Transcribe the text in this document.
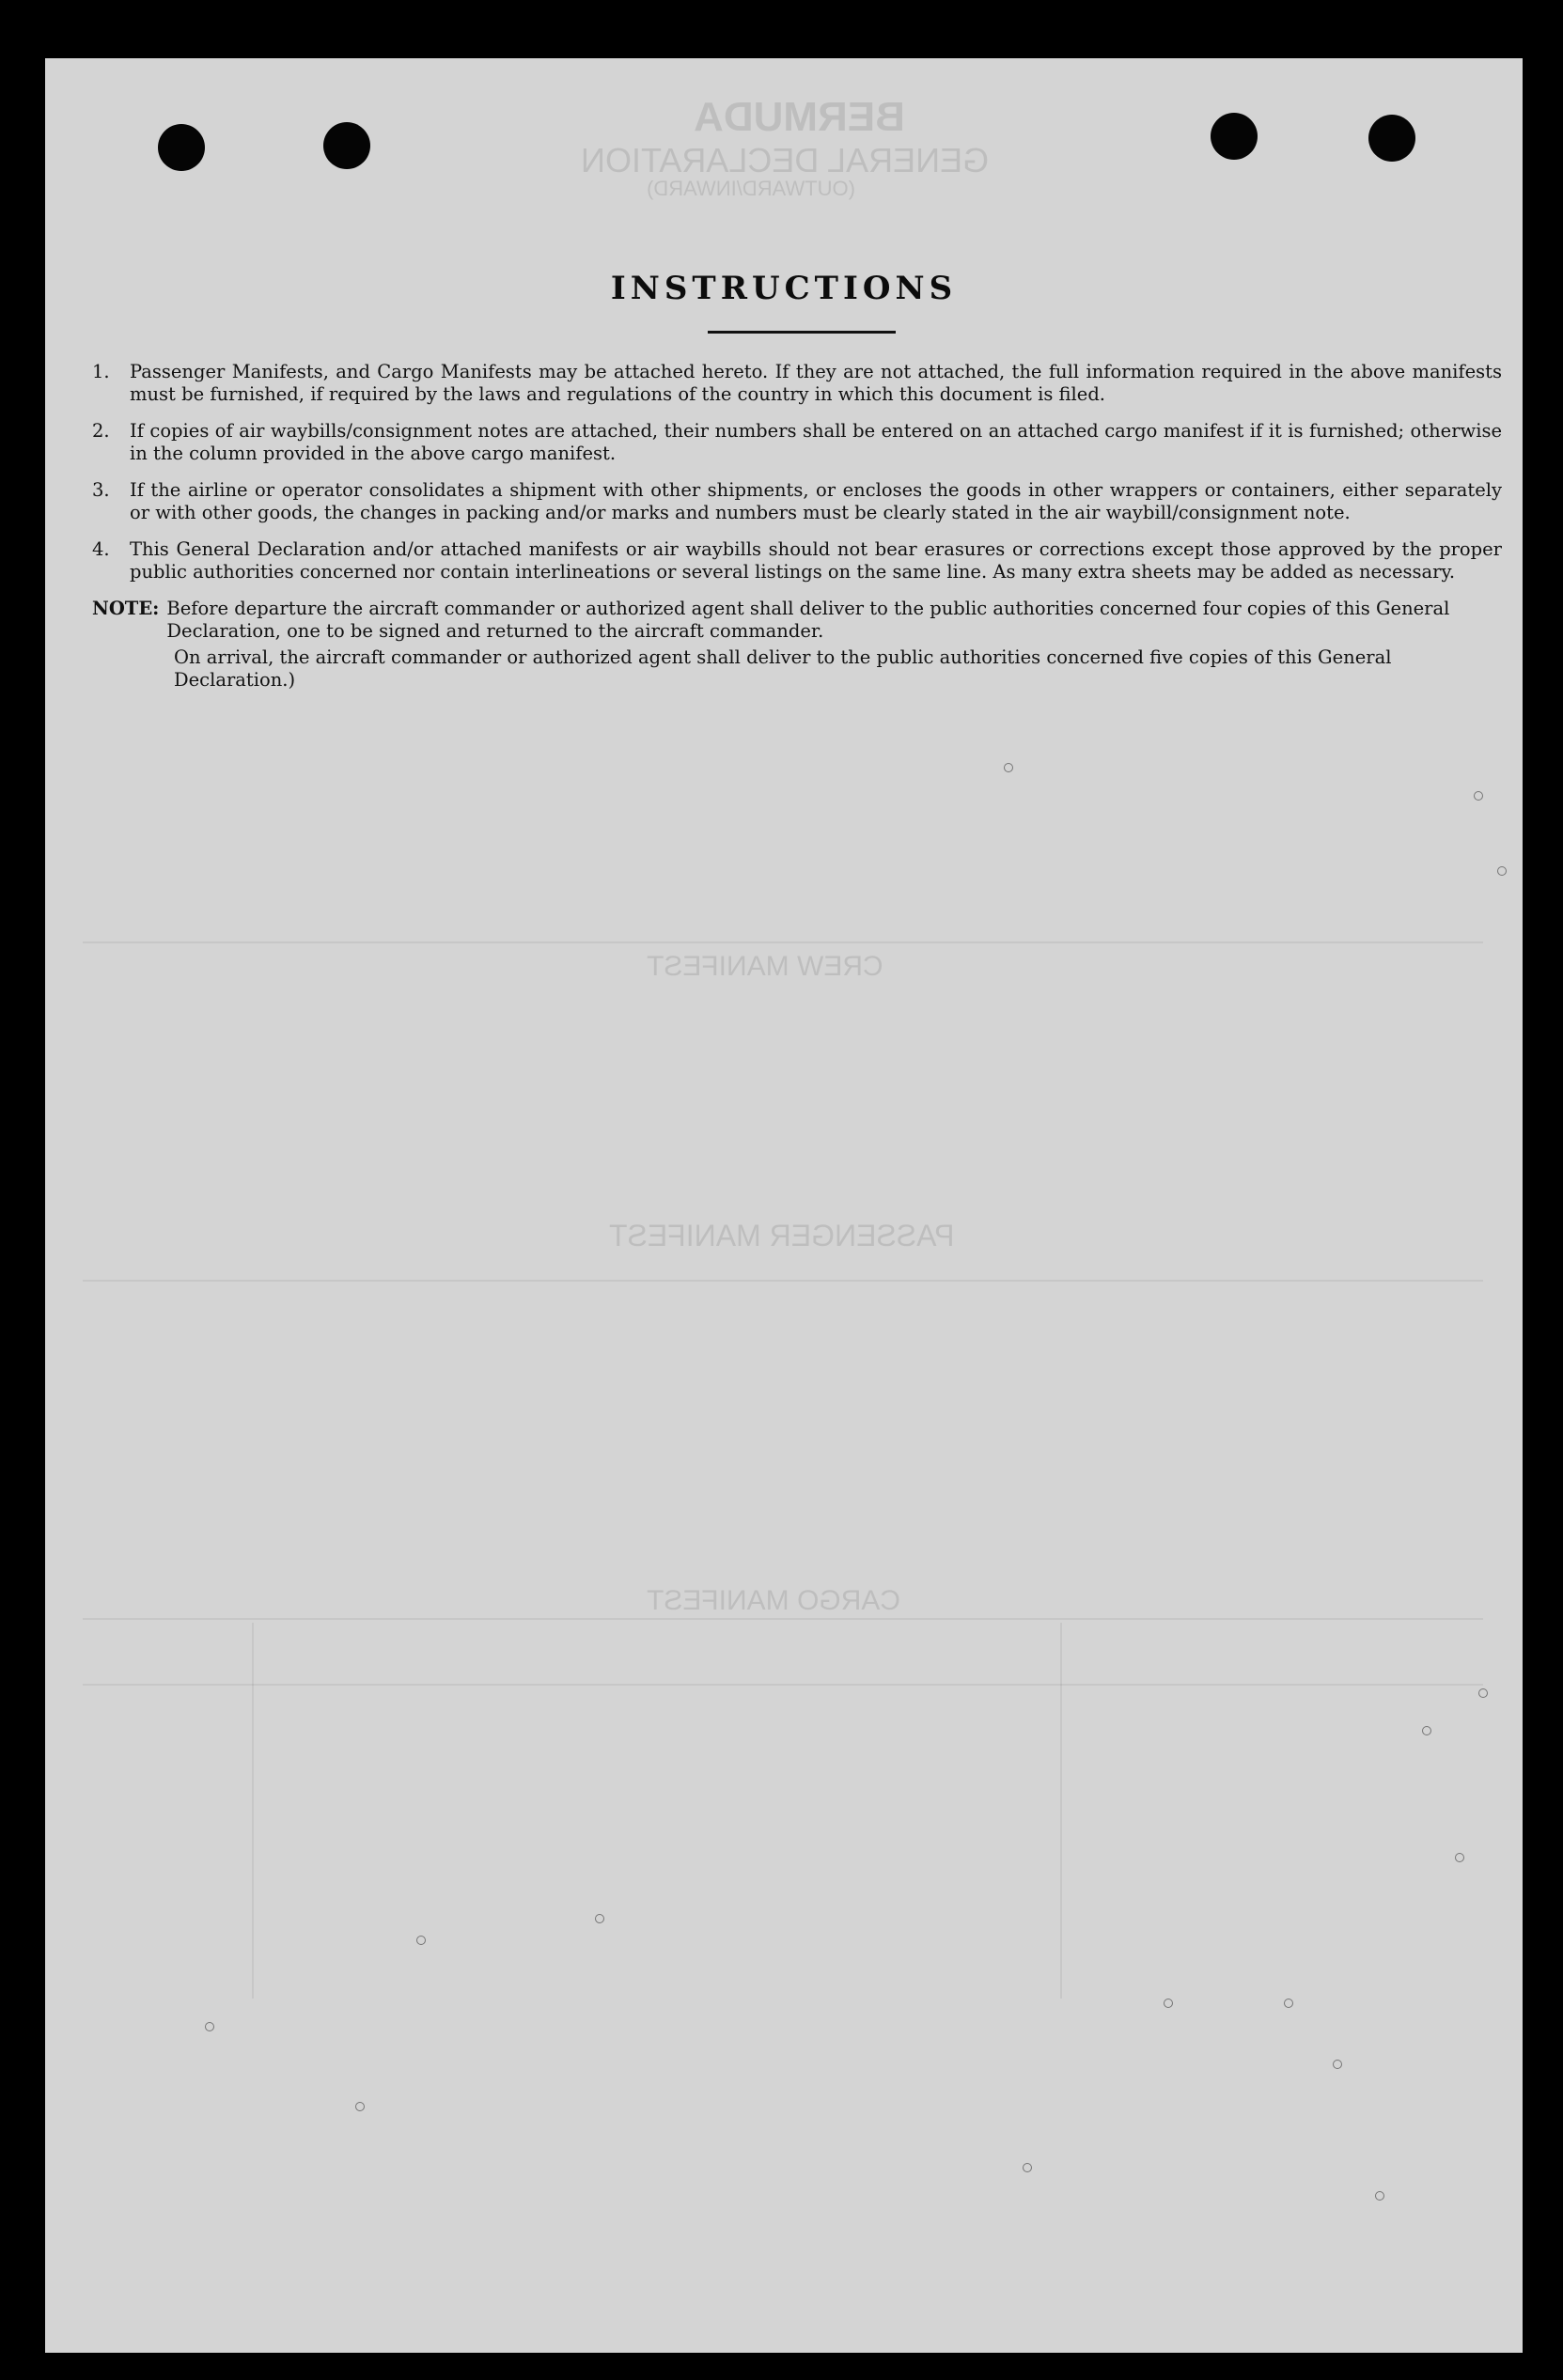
BERMUDA
GENERAL DECLARATION
(OUTWARD/INWARD)
CREW MANIFEST
PASSENGER MANIFEST
CARGO MANIFEST
INSTRUCTIONS
1.	Passenger Manifests, and Cargo Manifests may be attached hereto. If they are not attached, the full information required in the above manifests must be furnished, if required by the laws and regulations of the country in which this document is filed.
2.	If copies of air waybills/consignment notes are attached, their numbers shall be entered on an attached cargo manifest if it is furnished; otherwise in the column provided in the above cargo manifest.
3.	If the airline or operator consolidates a shipment with other shipments, or encloses the goods in other wrappers or containers, either separately or with other goods, the changes in packing and/or marks and numbers must be clearly stated in the air waybill/consignment note.
4.	This General Declaration and/or attached manifests or air waybills should not bear erasures or corrections except those approved by the proper public authorities concerned nor contain interlineations or several listings on the same line. As many extra sheets may be added as necessary.
NOTE: Before departure the aircraft commander or authorized agent shall deliver to the public authorities concerned four copies of this General Declaration, one to be signed and returned to the aircraft commander.
On arrival, the aircraft commander or authorized agent shall deliver to the public authorities concerned five copies of this General Declaration.)
